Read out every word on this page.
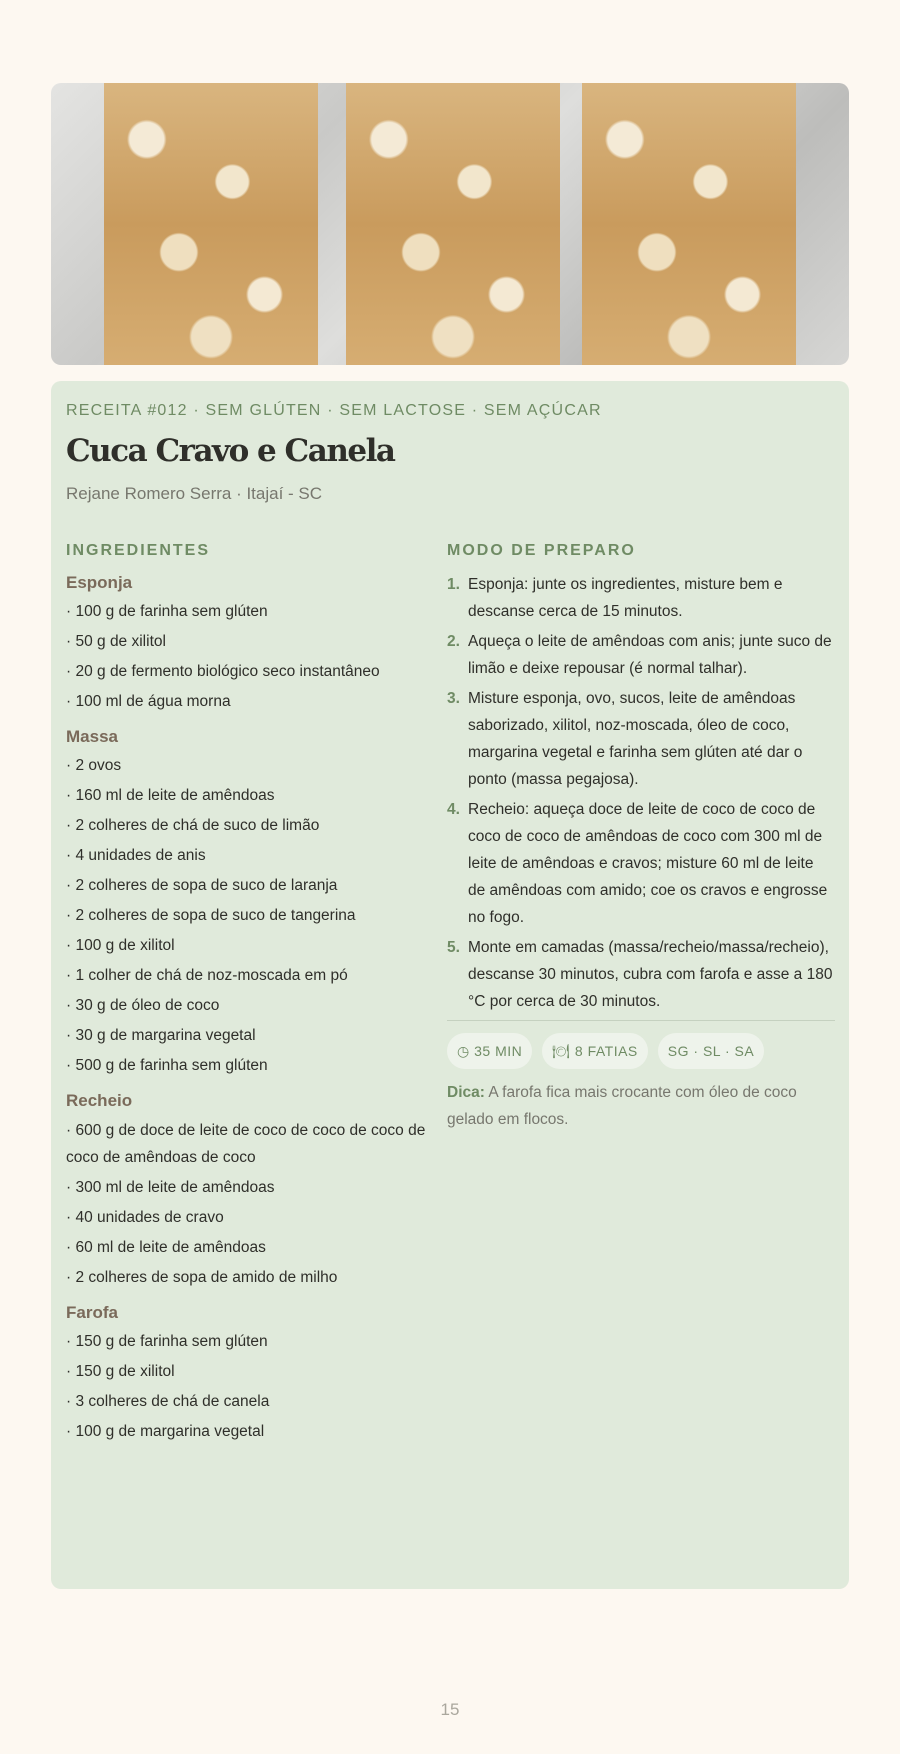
RECEITA #012 · SEM GLÚTEN · SEM LACTOSE · SEM AÇÚCAR
Cuca Cravo e Canela
Rejane Romero Serra · Itajaí - SC
INGREDIENTES
Esponja
· 100 g de farinha sem glúten
· 50 g de xilitol
· 20 g de fermento biológico seco instantâneo
· 100 ml de água morna
Massa
· 2 ovos
· 160 ml de leite de amêndoas
· 2 colheres de chá de suco de limão
· 4 unidades de anis
· 2 colheres de sopa de suco de laranja
· 2 colheres de sopa de suco de tangerina
· 100 g de xilitol
· 1 colher de chá de noz-moscada em pó
· 30 g de óleo de coco
· 30 g de margarina vegetal
· 500 g de farinha sem glúten
Recheio
· 600 g de doce de leite de coco de coco de coco de coco de amêndoas de coco
· 300 ml de leite de amêndoas
· 40 unidades de cravo
· 60 ml de leite de amêndoas
· 2 colheres de sopa de amido de milho
Farofa
· 150 g de farinha sem glúten
· 150 g de xilitol
· 3 colheres de chá de canela
· 100 g de margarina vegetal
MODO DE PREPARO
1. Esponja: junte os ingredientes, misture bem e descanse cerca de 15 minutos.
2. Aqueça o leite de amêndoas com anis; junte suco de limão e deixe repousar (é normal talhar).
3. Misture esponja, ovo, sucos, leite de amêndoas saborizado, xilitol, noz-moscada, óleo de coco, margarina vegetal e farinha sem glúten até dar o ponto (massa pegajosa).
4. Recheio: aqueça doce de leite de coco de coco de coco de coco de amêndoas de coco com 300 ml de leite de amêndoas e cravos; misture 60 ml de leite de amêndoas com amido; coe os cravos e engrosse no fogo.
5. Monte em camadas (massa/recheio/massa/recheio), descanse 30 minutos, cubra com farofa e asse a 180 °C por cerca de 30 minutos.
◷ 35 MIN	🍽 8 FATIAS	SG · SL · SA
Dica: A farofa fica mais crocante com óleo de coco gelado em flocos.
15
